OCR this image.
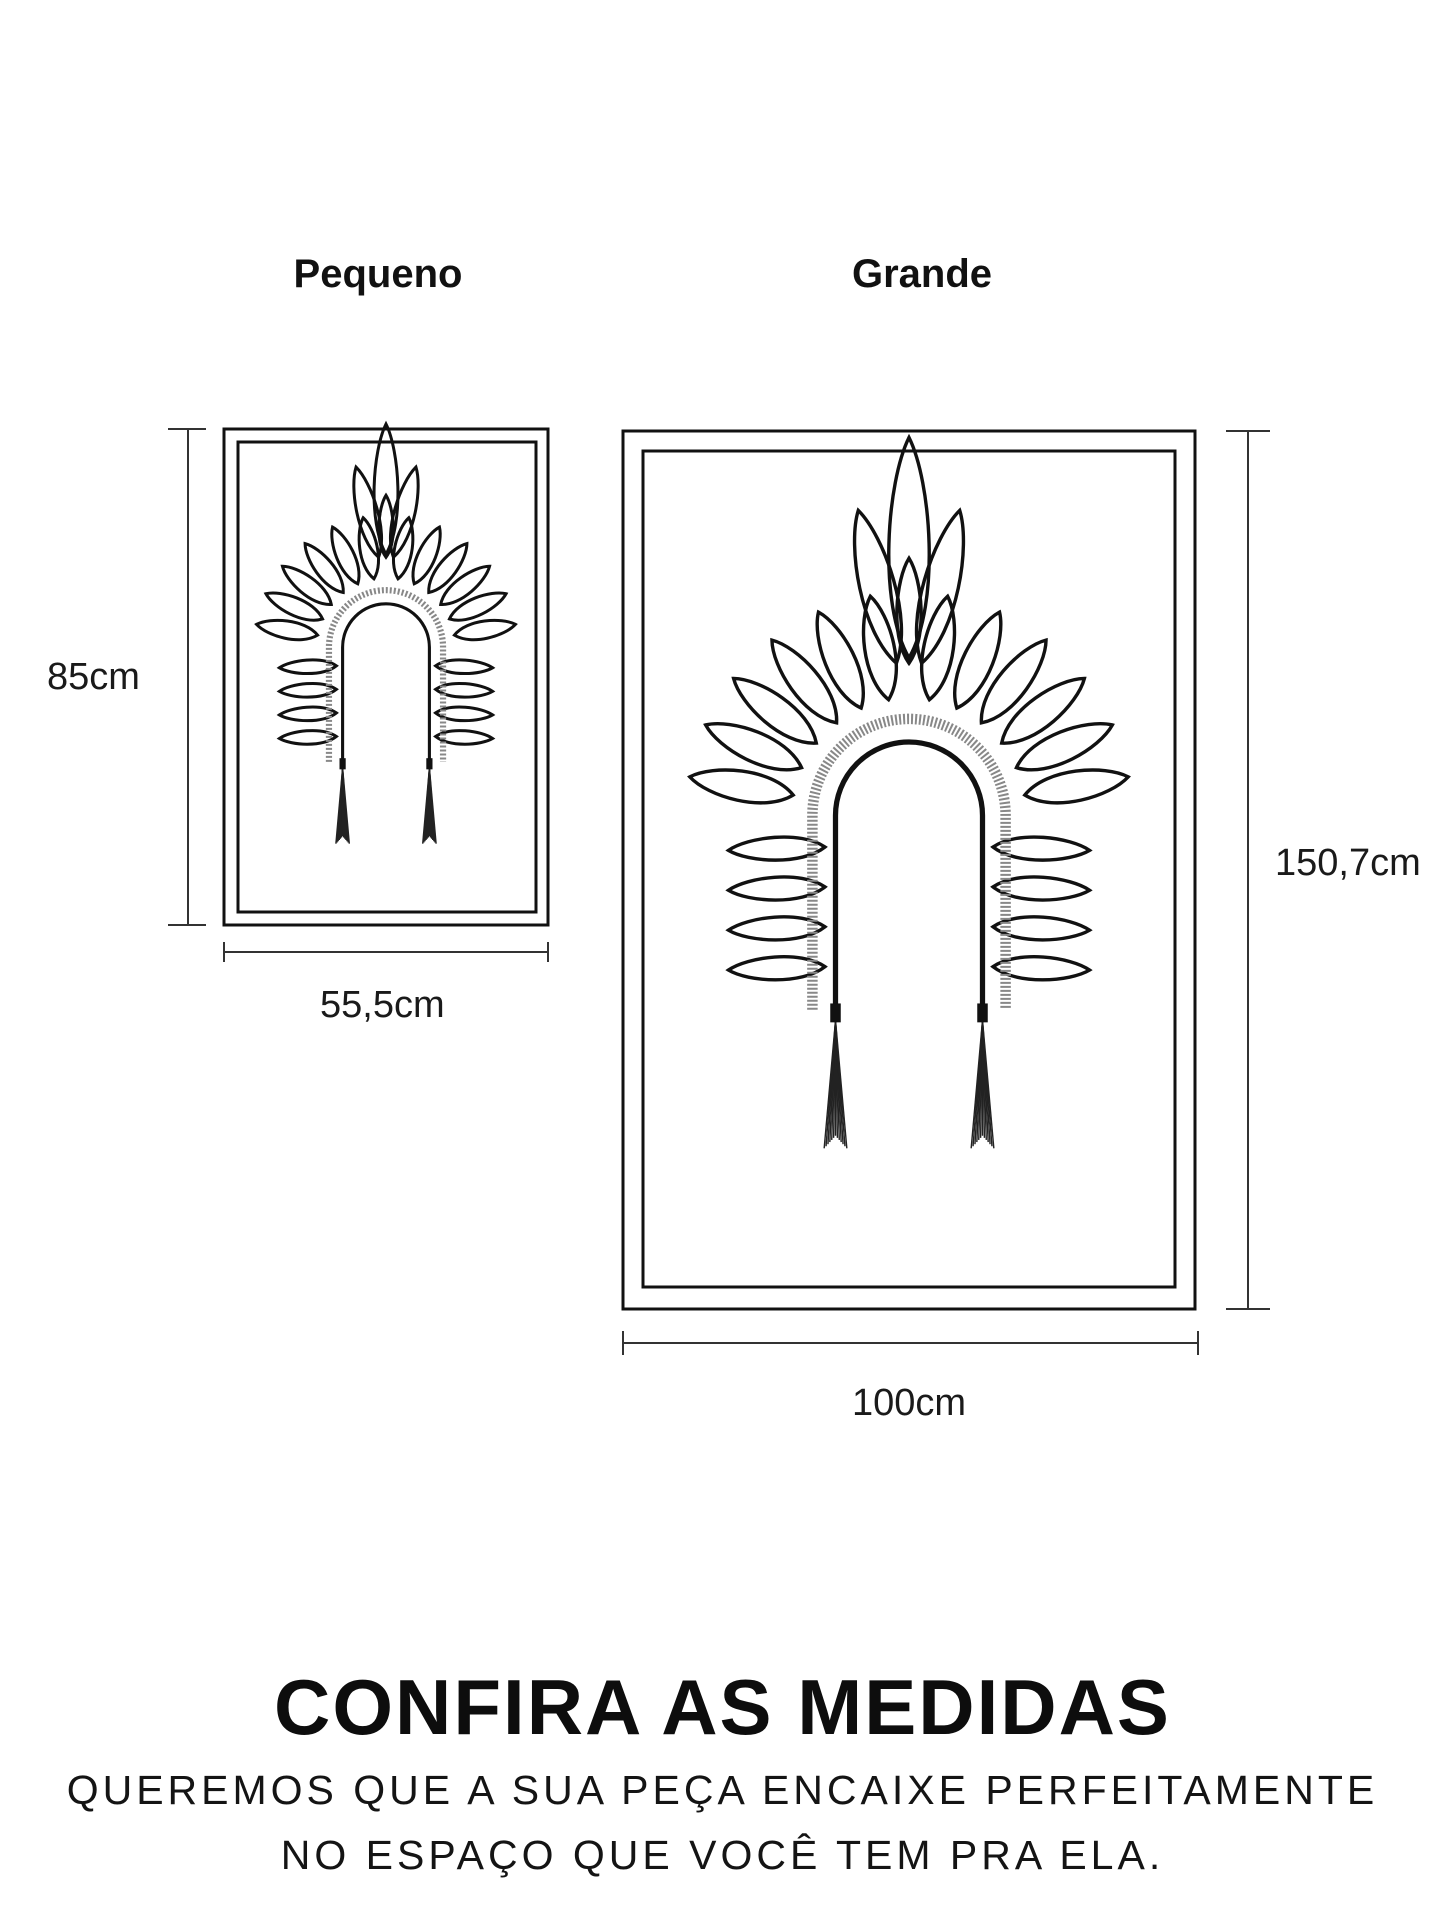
Pequeno	Grande
85cm
55,5cm
150,7cm
100cm
CONFIRA AS MEDIDAS
QUEREMOS QUE A SUA PEÇA ENCAIXE PERFEITAMENTE
NO ESPAÇO QUE VOCÊ TEM PRA ELA.
